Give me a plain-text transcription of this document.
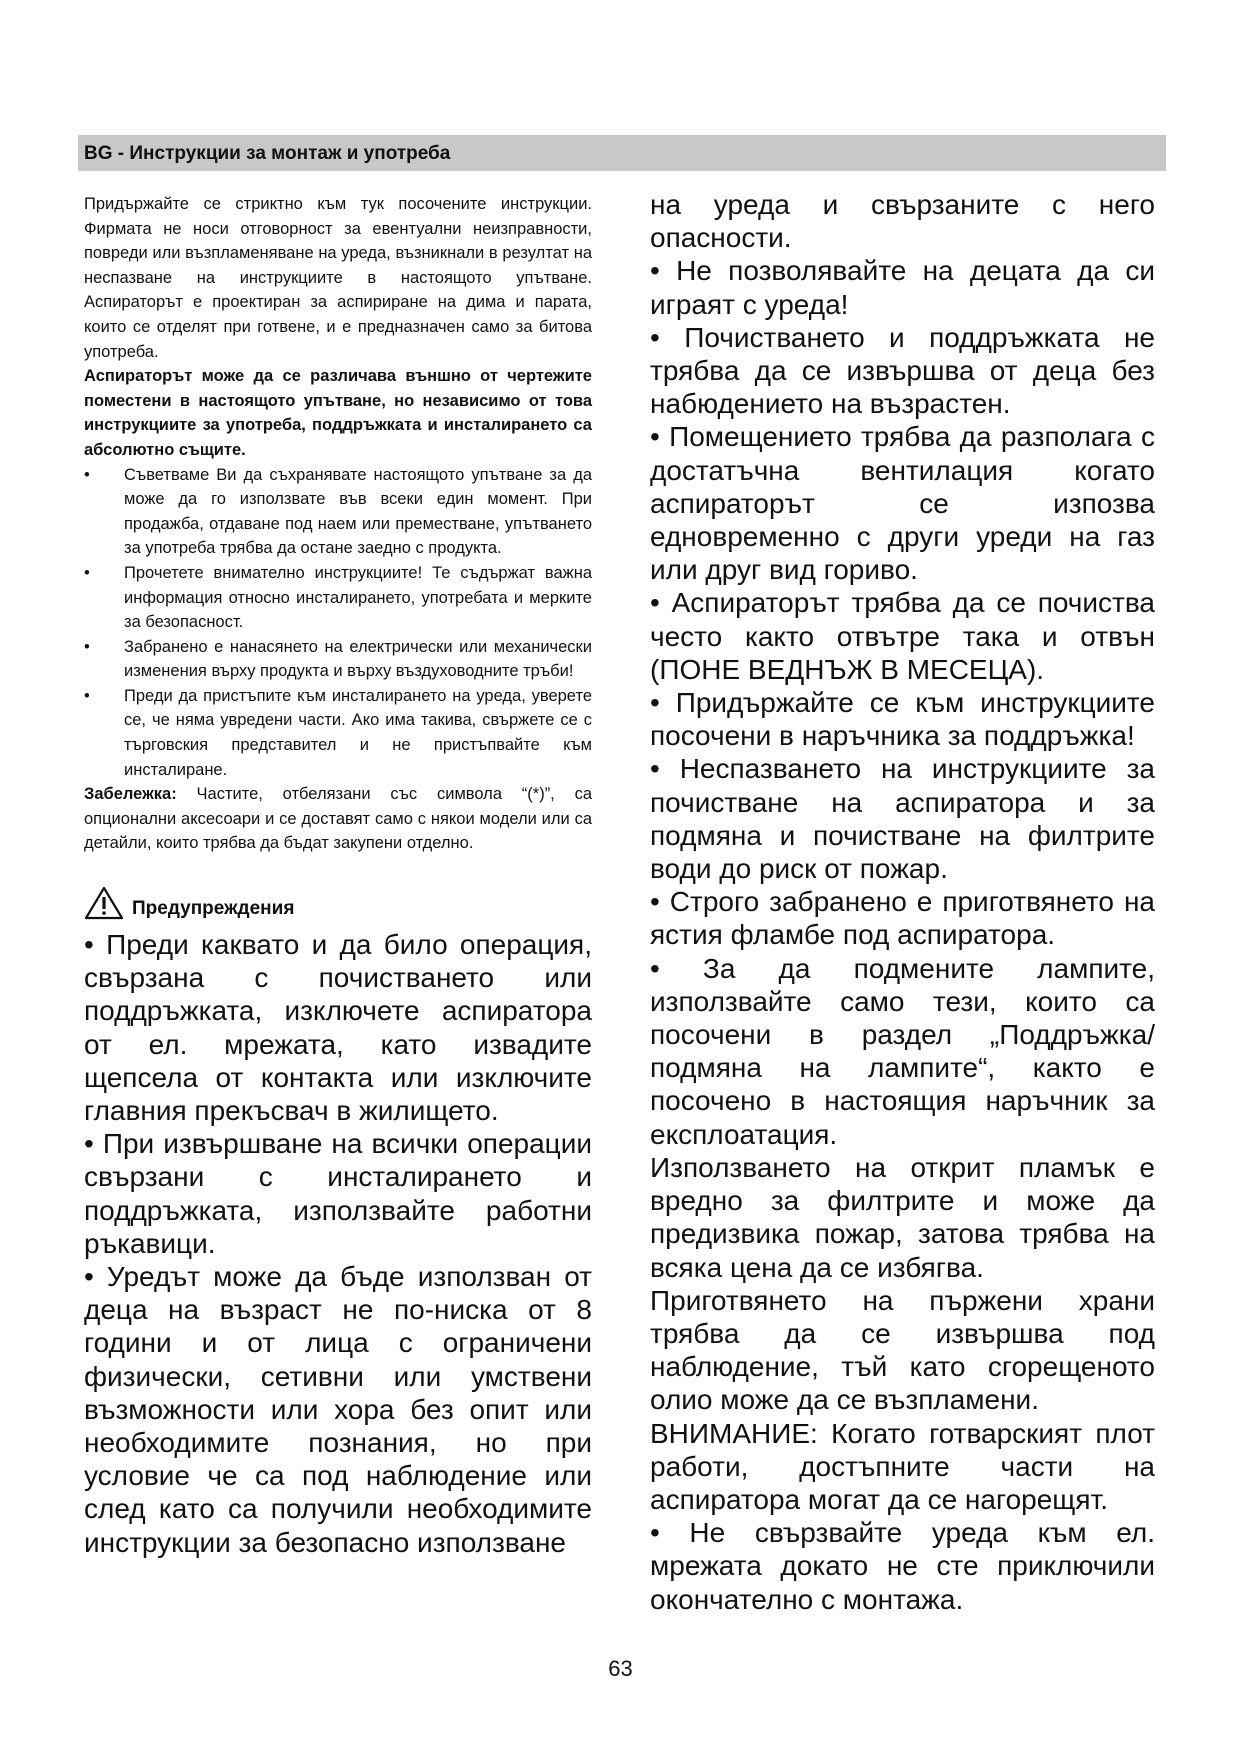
BG - Инструкции за монтаж и употреба

Придържайте се стриктно към тук посочените инструкции. Фирмата не носи отговорност за евентуални неизправности, повреди или възпламеняване на уреда, възникнали в резултат на неспазване на инструкциите в настоящото упътване. Аспираторът е проектиран за аспириране на дима и парата, които се отделят при готвене, и е предназначен само за битова употреба.

Аспираторът може да се различава външно от чертежите поместени в настоящото упътване, но независимо от това инструкциите за употреба, поддръжката и инсталирането са абсолютно същите.

• Съветваме Ви да съхранявате настоящото упътване за да може да го използвате във всеки един момент. При продажба, отдаване под наем или преместване, упътването за употреба трябва да остане заедно с продукта.
• Прочетете внимателно инструкциите! Те съдържат важна информация относно инсталирането, употребата и мерките за безопасност.
• Забранено е нанасянето на електрически или механически изменения върху продукта и върху въздуховодните тръби!
• Преди да пристъпите към инсталирането на уреда, уверете се, че няма увредени части. Ако има такива, свържете се с търговския представител и не пристъпвайте към инсталиране.

Забележка: Частите, отбелязани със символа “(*)”, са опционални аксесоари и се доставят само с някои модели или са детайли, които трябва да бъдат закупени отделно.

Предупреждения

• Преди каквато и да било операция, свързана с почистването или поддръжката, изключете аспиратора от ел. мрежата, като извадите щепсела от контакта или изключите главния прекъсвач в жилището.

• При извършване на всички операции свързани с инсталирането и поддръжката, използвайте работни ръкавици.

• Уредът може да бъде използван от деца на възраст не по-ниска от 8 години и от лица с ограничени физически, сетивни или умствени възможности или хора без опит или необходимите познания, но при условие че са под наблюдение или след като са получили необходимите инструкции за безопасно използване

на уреда и свързаните с него опасности.

• Не позволявайте на децата да си играят с уреда!

• Почистването и поддръжката не трябва да се извършва от деца без набюдението на възрастен.

• Помещението трябва да разполага с достатъчна вентилация когато аспираторът се изпозва едновременно с други уреди на газ или друг вид гориво.

• Аспираторът трябва да се почиства често както отвътре така и отвън (ПОНЕ ВЕДНЪЖ В МЕСЕЦА).

• Придържайте се към инструкциите посочени в наръчника за поддръжка!

• Неспазването на инструкциите за почистване на аспиратора и за подмяна и почистване на филтрите води до риск от пожар.

• Строго забранено е приготвянето на ястия фламбе под аспиратора.

• За да подмените лампите, използвайте само тези, които са посочени в раздел „Поддръжка/подмяна на лампите“, както е посочено в настоящия наръчник за експлоатация.

Използването на открит пламък е вредно за филтрите и може да предизвика пожар, затова трябва на всяка цена да се избягва.

Приготвянето на пържени храни трябва да се извършва под наблюдение, тъй като сгорещеното олио може да се възпламени.

ВНИМАНИЕ: Когато готварският плот работи, достъпните части на аспиратора могат да се нагорещят.

• Не свързвайте уреда към ел. мрежата докато не сте приключили окончателно с монтажа.

63
